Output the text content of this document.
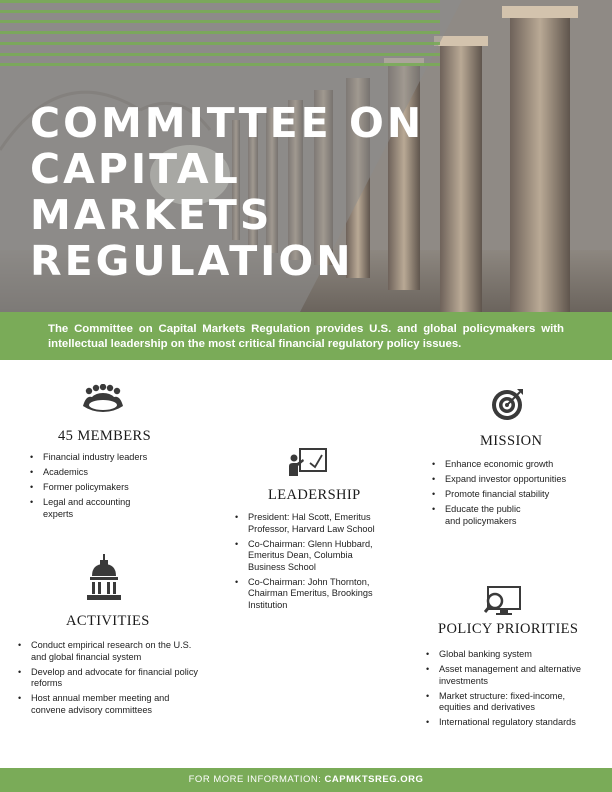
COMMITTEE ON
CAPITAL
MARKETS
REGULATION

The Committee on Capital Markets Regulation provides U.S. and global policymakers with intellectual leadership on the most critical financial regulatory policy issues.

45 MEMBERS
• Financial industry leaders
• Academics
• Former policymakers
• Legal and accounting experts
LEADERSHIP
• President: Hal Scott, Emeritus Professor, Harvard Law School
• Co-Chairman: Glenn Hubbard, Emeritus Dean, Columbia Business School
• Co-Chairman: John Thornton, Chairman Emeritus, Brookings Institution
MISSION
• Enhance economic growth
• Expand investor opportunities
• Promote financial stability
• Educate the public and policymakers
ACTIVITIES
• Conduct empirical research on the U.S. and global financial system
• Develop and advocate for financial policy reforms
• Host annual member meeting and convene advisory committees
POLICY PRIORITIES
• Global banking system
• Asset management and alternative investments
• Market structure: fixed-income, equities and derivatives
• International regulatory standards
FOR MORE INFORMATION: CAPMKTSREG.ORG
